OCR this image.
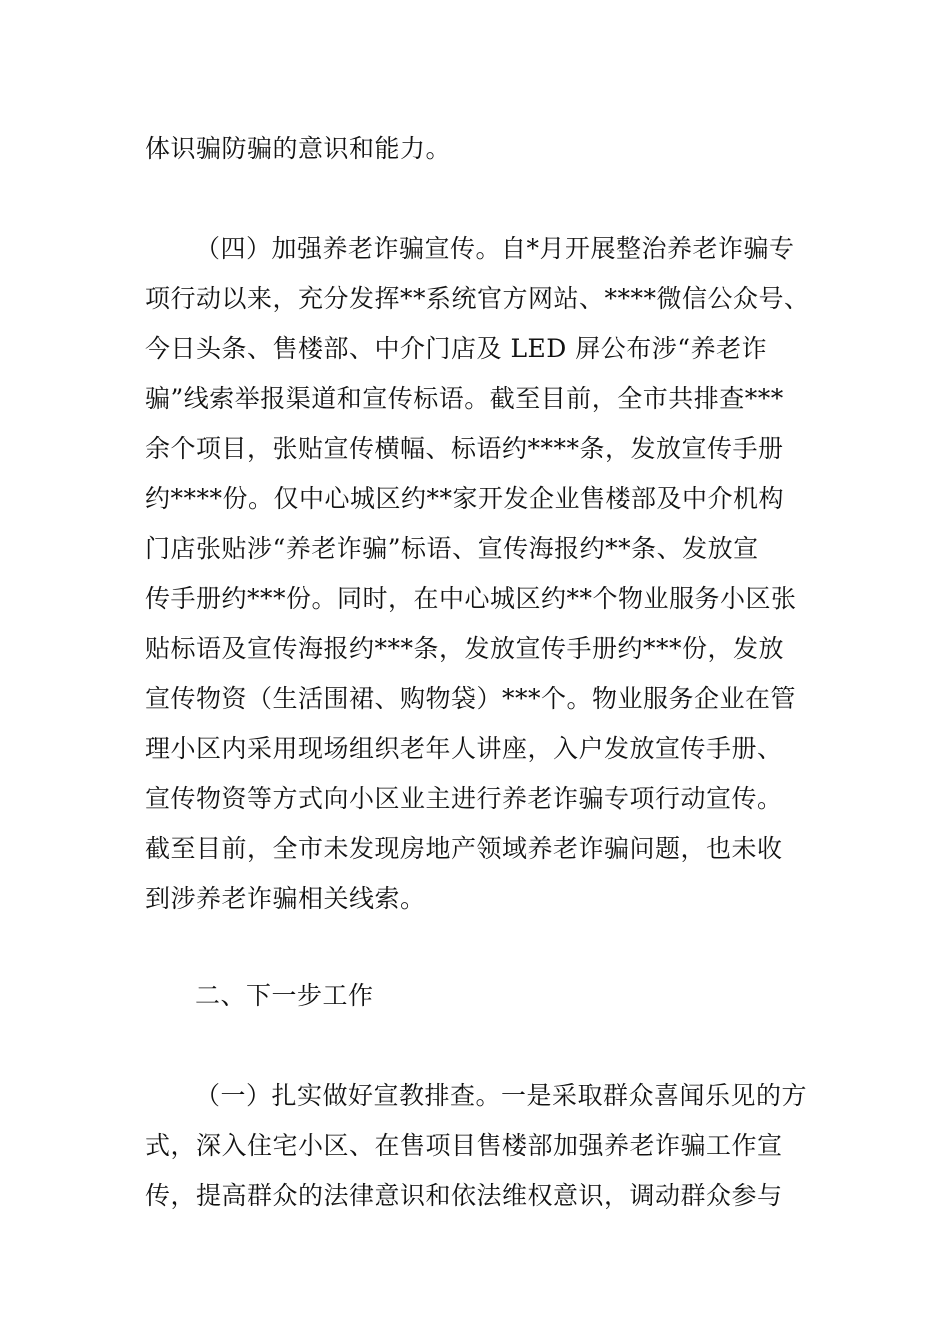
体识骗防骗的意识和能力。
（四）加强养老诈骗宣传。自*月开展整治养老诈骗专
项行动以来，充分发挥**系统官方网站、****微信公众号、
今日头条、售楼部、中介门店及 LED 屏公布涉“养老诈
骗”线索举报渠道和宣传标语。截至目前，全市共排查***
余个项目，张贴宣传横幅、标语约****条，发放宣传手册
约****份。仅中心城区约**家开发企业售楼部及中介机构
门店张贴涉“养老诈骗”标语、宣传海报约**条、发放宣
传手册约***份。同时，在中心城区约**个物业服务小区张
贴标语及宣传海报约***条，发放宣传手册约***份，发放
宣传物资（生活围裙、购物袋）***个。物业服务企业在管
理小区内采用现场组织老年人讲座，入户发放宣传手册、
宣传物资等方式向小区业主进行养老诈骗专项行动宣传。
截至目前，全市未发现房地产领域养老诈骗问题，也未收
到涉养老诈骗相关线索。
二、下一步工作
（一）扎实做好宣教排查。一是采取群众喜闻乐见的方
式，深入住宅小区、在售项目售楼部加强养老诈骗工作宣
传，提高群众的法律意识和依法维权意识，调动群众参与
